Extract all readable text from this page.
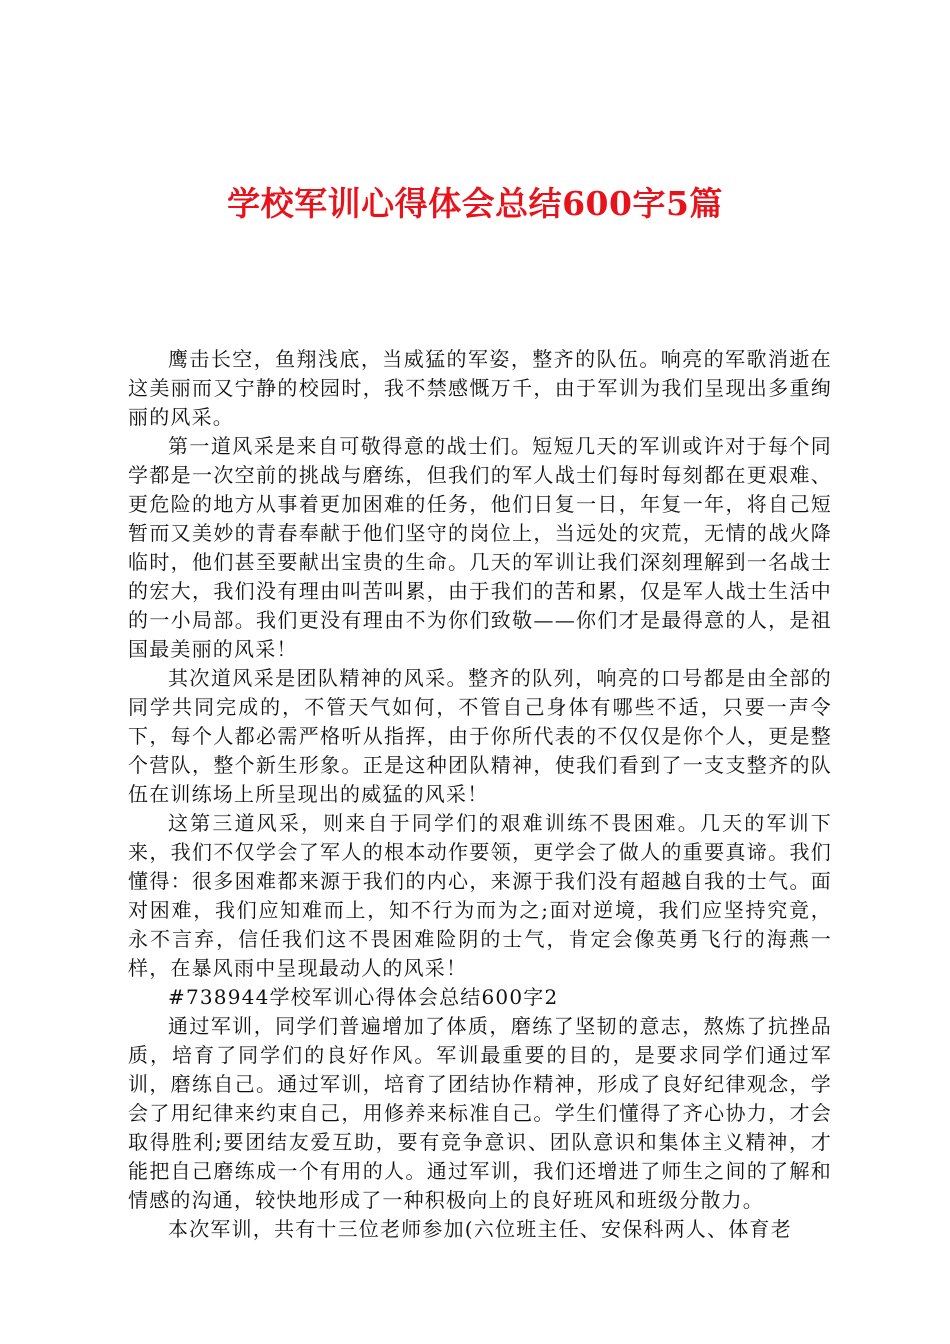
学校军训心得体会总结600字5篇

鹰击长空，鱼翔浅底，当威猛的军姿，整齐的队伍。响亮的军歌消逝在这美丽而又宁静的校园时，我不禁感慨万千，由于军训为我们呈现出多重绚丽的风采。

第一道风采是来自可敬得意的战士们。短短几天的军训或许对于每个同学都是一次空前的挑战与磨练，但我们的军人战士们每时每刻都在更艰难、更危险的地方从事着更加困难的任务，他们日复一日，年复一年，将自己短暂而又美妙的青春奉献于他们坚守的岗位上，当远处的灾荒，无情的战火降临时，他们甚至要献出宝贵的生命。几天的军训让我们深刻理解到一名战士的宏大，我们没有理由叫苦叫累，由于我们的苦和累，仅是军人战士生活中的一小局部。我们更没有理由不为你们致敬——你们才是最得意的人，是祖国最美丽的风采！

其次道风采是团队精神的风采。整齐的队列，响亮的口号都是由全部的同学共同完成的，不管天气如何，不管自己身体有哪些不适，只要一声令下，每个人都必需严格听从指挥，由于你所代表的不仅仅是你个人，更是整个营队，整个新生形象。正是这种团队精神，使我们看到了一支支整齐的队伍在训练场上所呈现出的威猛的风采！

这第三道风采，则来自于同学们的艰难训练不畏困难。几天的军训下来，我们不仅学会了军人的根本动作要领，更学会了做人的重要真谛。我们懂得：很多困难都来源于我们的内心，来源于我们没有超越自我的士气。面对困难，我们应知难而上，知不行为而为之;面对逆境，我们应坚持究竟，永不言弃，信任我们这不畏困难险阴的士气，肯定会像英勇飞行的海燕一样，在暴风雨中呈现最动人的风采！

#738944学校军训心得体会总结600字2

通过军训，同学们普遍增加了体质，磨练了坚韧的意志，熬炼了抗挫品质，培育了同学们的良好作风。军训最重要的目的，是要求同学们通过军训，磨练自己。通过军训，培育了团结协作精神，形成了良好纪律观念，学会了用纪律来约束自己，用修养来标准自己。学生们懂得了齐心协力，才会取得胜利;要团结友爱互助，要有竞争意识、团队意识和集体主义精神，才能把自己磨练成一个有用的人。通过军训，我们还增进了师生之间的了解和情感的沟通，较快地形成了一种积极向上的良好班风和班级分散力。

本次军训，共有十三位老师参加(六位班主任、安保科两人、体育老
